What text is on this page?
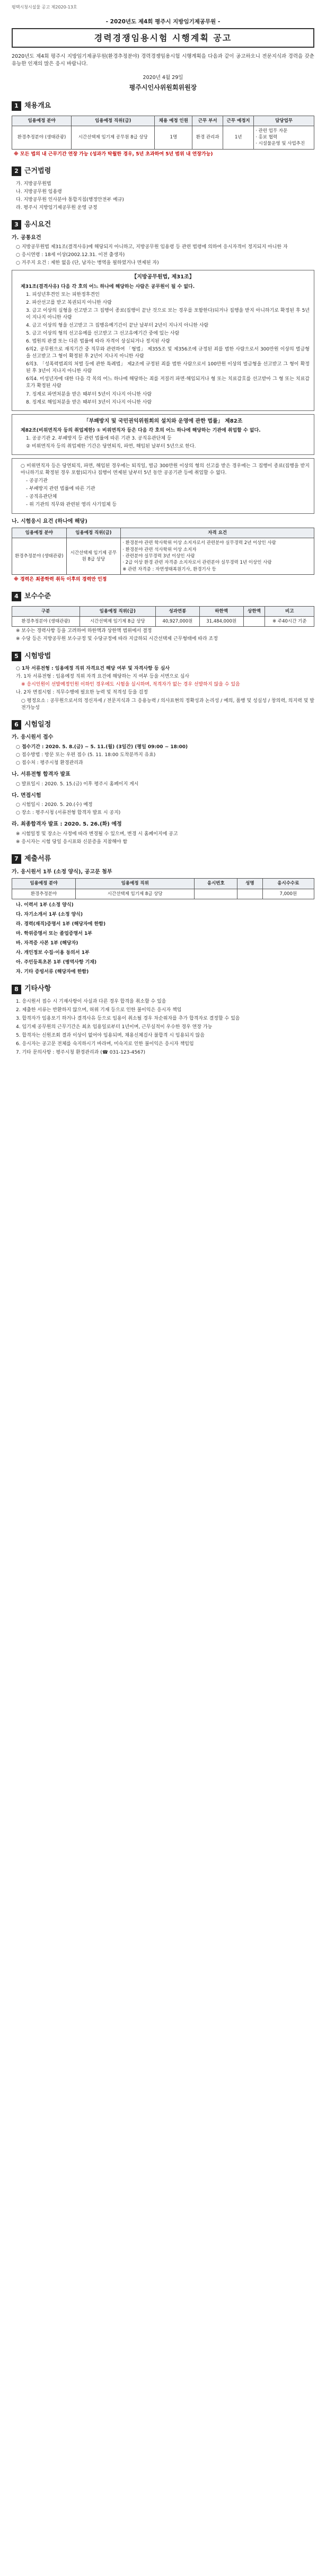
평택시청시설물 공고 제2020-13호
- 2020년도 제4회 평주시 지방임기제공무원 -
경력경쟁임용시험 시행계획 공고
2020년도 제4회 평주시 지방임기제공무원(환경추정분야) 경력경쟁임용시험 시행계획을 다음과 같이 공고하오니 전문지식과 경력을 갖춘 유능한 인재의 많은 응시 바랍니다.
2020년 4월 29일
평주시인사위원회위원장
1 채용개요
임용예정 분야	임용예정 직위(급)	채용 예정 인원	근무 부서	근무 예정지	담당업무
환경추정분야 (생태관광)	시간선택제 임기제 공무원 8급 상당	1명	환경 관리과	1년	· 관련 업무 자문
· 홍보 협력
· 시설물운영 및 사업추진
※ 모든 법의 내 근무기간 연장 가능 (성과가 탁월한 경우, 5년 초과하여 5년 범위 내 연장가능)
2 근거법령
가. 지방공무원법
나. 지방공무원 임용령
다. 지방공무원 인사분야 통합지침(행정안전부 예규)
라. 평주시 지방임기제공무원 운영 규정
3 응시요건
가. 공통요건
○ 지방공무원법 제31조(결격사유)에 해당되지 아니하고, 지방공무원 임용령 등 관련 법령에 의하여 응시자격이 정지되지 아니한 자
○ 응시연령 : 18세 이상(2002.12.31. 이전 출생자)
○ 거주지 요건 : 제한 없음 (단, 남자는 병역을 필하였거나 면제된 자)
【지방공무원법, 제31조】
제31조(결격사유) 다음 각 호의 어느 하나에 해당하는 사람은 공무원이 될 수 없다.
1. 피성년후견인 또는 피한정후견인
2. 파산선고를 받고 복권되지 아니한 사람
3. 금고 이상의 실형을 선고받고 그 집행이 종료(집행이 끝난 것으로 보는 경우를 포함한다)되거나 집행을 받지 아니하기로 확정된 후 5년이 지나지 아니한 사람
4. 금고 이상의 형을 선고받고 그 집행유예기간이 끝난 날부터 2년이 지나지 아니한 사람
5. 금고 이상의 형의 선고유예를 선고받고 그 선고유예기간 중에 있는 사람
6. 법원의 판결 또는 다른 법률에 따라 자격이 상실되거나 정지된 사람
6의2. 공무원으로 재직기간 중 직무와 관련하여 「형법」 제355조 및 제356조에 규정된 죄를 범한 사람으로서 300만원 이상의 벌금형을 선고받고 그 형이 확정된 후 2년이 지나지 아니한 사람
6의3. 「성폭력범죄의 처벌 등에 관한 특례법」 제2조에 규정된 죄를 범한 사람으로서 100만원 이상의 벌금형을 선고받고 그 형이 확정된 후 3년이 지나지 아니한 사람
6의4. 미성년자에 대한 다음 각 목의 어느 하나에 해당하는 죄를 저질러 파면·해임되거나 형 또는 치료감호를 선고받아 그 형 또는 치료감호가 확정된 사람
7. 징계로 파면처분을 받은 때부터 5년이 지나지 아니한 사람
8. 징계로 해임처분을 받은 때부터 3년이 지나지 아니한 사람
「부패방지 및 국민권익위원회의 설치와 운영에 관한 법률」 제82조
제82조(비위면직자 등의 취업제한) ① 비위면직자 등은 다음 각 호의 어느 하나에 해당하는 기관에 취업할 수 없다.
1. 공공기관 2. 부패방지 등 관련 법률에 따른 기관 3. 공직유관단체 등
② 비위면직자 등의 취업제한 기간은 당연퇴직, 파면, 해임된 날부터 5년으로 한다.
○ 비위면직자 등은 당연퇴직, 파면, 해임된 경우에는 퇴직일, 벌금 300만원 이상의 형의 선고를 받은 경우에는 그 집행이 종료(집행을 받지 아니하기로 확정된 경우 포함)되거나 집행이 면제된 날부터 5년 동안 공공기관 등에 취업할 수 없다.
- 공공기관
- 부패방지 관련 법률에 따른 기관
- 공직유관단체
- 위 기관의 직무와 관련된 영리 사기업체 등
나. 시험응시 요건 (하나에 해당)
임용예정 분야	임용예정 직위(급)	자격 요건
환경추정분야 (생태관광)	시간선택제 임기제 공무원 8급 상당	· 환경분야 관련 학사학위 이상 소지자로서 관련분야 실무경력 2년 이상인 사람
· 환경분야 관련 석사학위 이상 소지자
· 관련분야 실무경력 3년 이상인 사람
· 2급 이상 환경 관련 자격증 소지자로서 관련분야 실무경력 1년 이상인 사람
※ 관련 자격증 : 자연생태복원기사, 환경기사 등
※ 경력은 최종학력 취득 이후의 경력만 인정
4 보수수준
구분	임용예정 직위(급)	성과연봉	하한액	상한액	비고
환경추정분야 (생태관광)	시간선택제 임기제 8급 상당	40,927,000원	31,484,000원		※ 주40시간 기준
※ 보수는 경력사항 등을 고려하여 하한액과 상한액 범위에서 결정
※ 수당 등은 지방공무원 보수규정 및 수당규정에 따라 지급하되 시간선택제 근무형태에 따라 조정
5 시험방법
○ 1차 서류전형 : 임용예정 직위 자격요건 해당 여부 및 자격사항 등 심사
가. 1차 서류전형 : 임용예정 직위 자격 요건에 해당하는 지 여부 등을 서면으로 심사
※ 응시인원이 선발예정인원 이하인 경우에도 시험을 실시하며, 적격자가 없는 경우 선발하지 않을 수 있음
나. 2차 면접시험 : 직무수행에 필요한 능력 및 적격성 등을 검정
○ 평정요소 : 공무원으로서의 정신자세 / 전문지식과 그 응용능력 / 의사표현의 정확성과 논리성 / 예의, 품행 및 성실성 / 창의력, 의지력 및 발전가능성
6 시험일정
가. 응시원서 접수
○ 접수기간 : 2020. 5. 8.(금) ~ 5. 11.(월) (3일간) (평일 09:00 ~ 18:00)
○ 접수방법 : 방문 또는 우편 접수 (5. 11. 18:00 도착분까지 유효)
○ 접수처 : 평주시청 환경관리과
나. 서류전형 합격자 발표
○ 발표일시 : 2020. 5. 15.(금) 이후 평주시 홈페이지 게시
다. 면접시험
○ 시험일시 : 2020. 5. 20.(수) 예정
○ 장소 : 평주시청 (서류전형 합격자 발표 시 공지)
라. 최종합격자 발표 : 2020. 5. 26.(화) 예정
※ 시험일정 및 장소는 사정에 따라 변경될 수 있으며, 변경 시 홈페이지에 공고
※ 응시자는 시험 당일 응시표와 신분증을 지참해야 함
7 제출서류
가. 응시원서 1부 (소정 양식), 공고문 첨부
임용예정 분야	임용예정 직위	응시번호	성명	응시수수료
환경추정분야	시간선택제 임기제 8급 상당			7,000원
나. 이력서 1부 (소정 양식)
다. 자기소개서 1부 (소정 양식)
라. 경력(재직)증명서 1부 (해당자에 한함)
마. 학위증명서 또는 졸업증명서 1부
바. 자격증 사본 1부 (해당자)
사. 개인정보 수집·이용 동의서 1부
아. 주민등록초본 1부 (병역사항 기재)
자. 기타 증빙서류 (해당자에 한함)
8 기타사항
1. 응시원서 접수 시 기재사항이 사실과 다른 경우 합격을 취소할 수 있음
2. 제출한 서류는 반환하지 않으며, 허위 기재 등으로 인한 불이익은 응시자 책임
3. 합격자가 임용포기 하거나 결격사유 등으로 임용이 취소될 경우 차순위자를 추가 합격자로 결정할 수 있음
4. 임기제 공무원의 근무기간은 최초 임용일로부터 1년이며, 근무실적이 우수한 경우 연장 가능
5. 합격자는 신원조회 결과 이상이 없어야 임용되며, 채용신체검사 불합격 시 임용되지 않음
6. 응시자는 공고문 전체를 숙지하시기 바라며, 미숙지로 인한 불이익은 응시자 책임임
7. 기타 문의사항 : 평주시청 환경관리과 (☎ 031-123-4567)
